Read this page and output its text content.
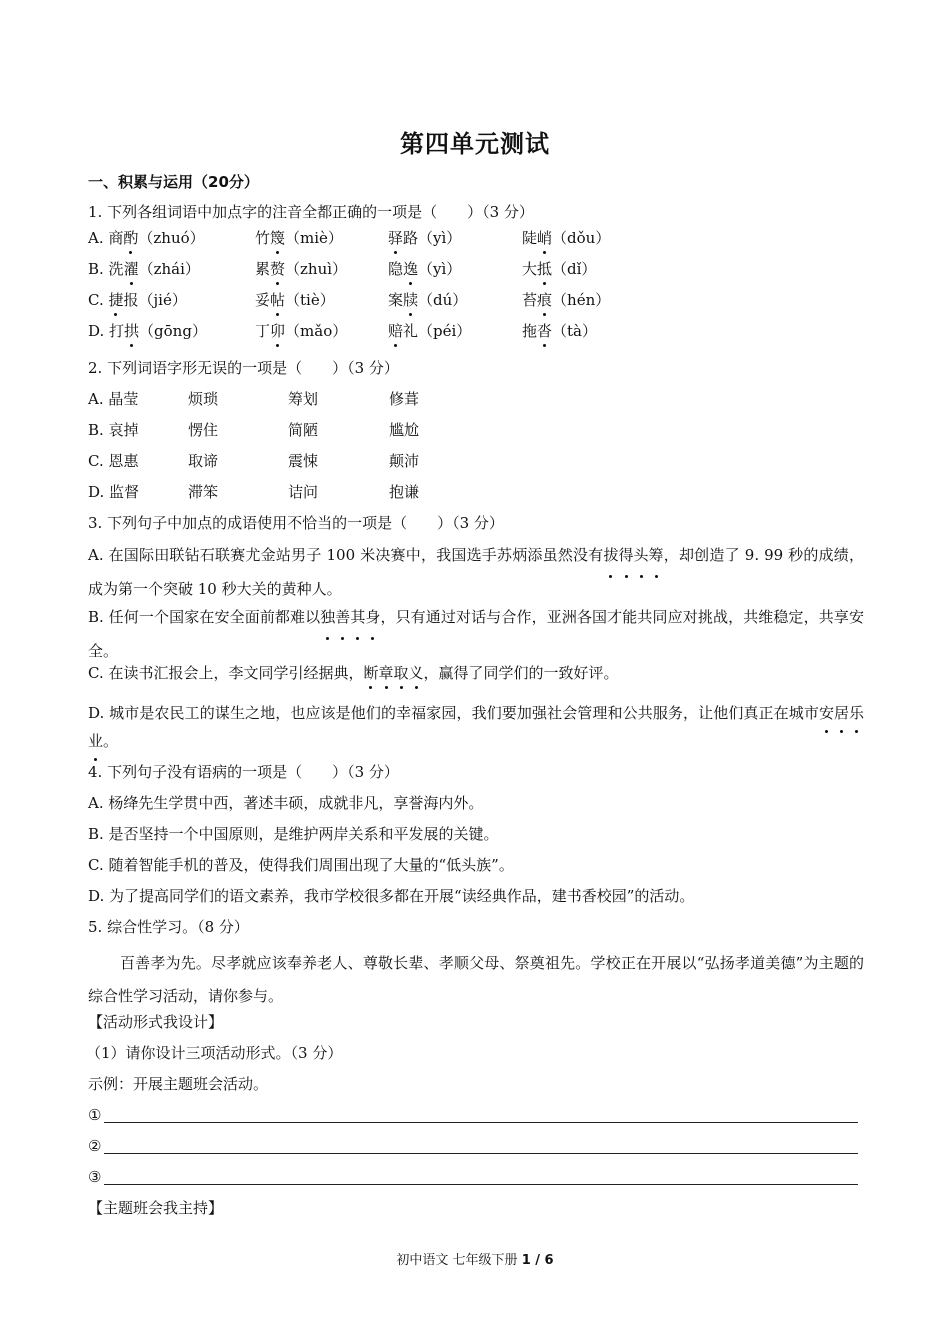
第四单元测试
一、积累与运用（20分）
1. 下列各组词语中加点字的注音全都正确的一项是（　　）（3 分）
A. 商酌（zhuó）	竹篾（miè）	驿路（yì）	陡峭（dǒu）
B. 洗濯（zhái）	累赘（zhuì）	隐逸（yì）	大抵（dǐ）
C. 捷报（jié）	妥帖（tiè）	案牍（dú）	苔痕（hén）
D. 打拱（gōng）	丁卯（mǎo）	赔礼（péi）	拖沓（tà）
2. 下列词语字形无误的一项是（　　）（3 分）
A. 晶莹	烦琐	筹划	修葺
B. 哀掉	愣住	简陋	尴尬
C. 恩惠	取谛	震悚	颠沛
D. 监督	滞笨	诘问	抱谦
3. 下列句子中加点的成语使用不恰当的一项是（　　）（3 分）
A. 在国际田联钻石联赛尤金站男子 100 米决赛中，我国选手苏炳添虽然没有拔得头筹，却创造了 9. 99 秒的成绩，成为第一个突破 10 秒大关的黄种人。
B. 任何一个国家在安全面前都难以独善其身，只有通过对话与合作，亚洲各国才能共同应对挑战，共维稳定，共享安全。
C. 在读书汇报会上，李文同学引经据典，断章取义，赢得了同学们的一致好评。
D. 城市是农民工的谋生之地，也应该是他们的幸福家园，我们要加强社会管理和公共服务，让他们真正在城市安居乐业。
4. 下列句子没有语病的一项是（　　）（3 分）
A. 杨绛先生学贯中西，著述丰硕，成就非凡，享誉海内外。
B. 是否坚持一个中国原则，是维护两岸关系和平发展的关键。
C. 随着智能手机的普及，使得我们周围出现了大量的“低头族”。
D. 为了提高同学们的语文素养，我市学校很多都在开展“读经典作品，建书香校园”的活动。
5. 综合性学习。（8 分）
百善孝为先。尽孝就应该奉养老人、尊敬长辈、孝顺父母、祭奠祖先。学校正在开展以“弘扬孝道美德”为主题的综合性学习活动，请你参与。
【活动形式我设计】
（1）请你设计三项活动形式。（3 分）
示例：开展主题班会活动。
①
②
③
【主题班会我主持】
初中语文 七年级下册 1 / 6
